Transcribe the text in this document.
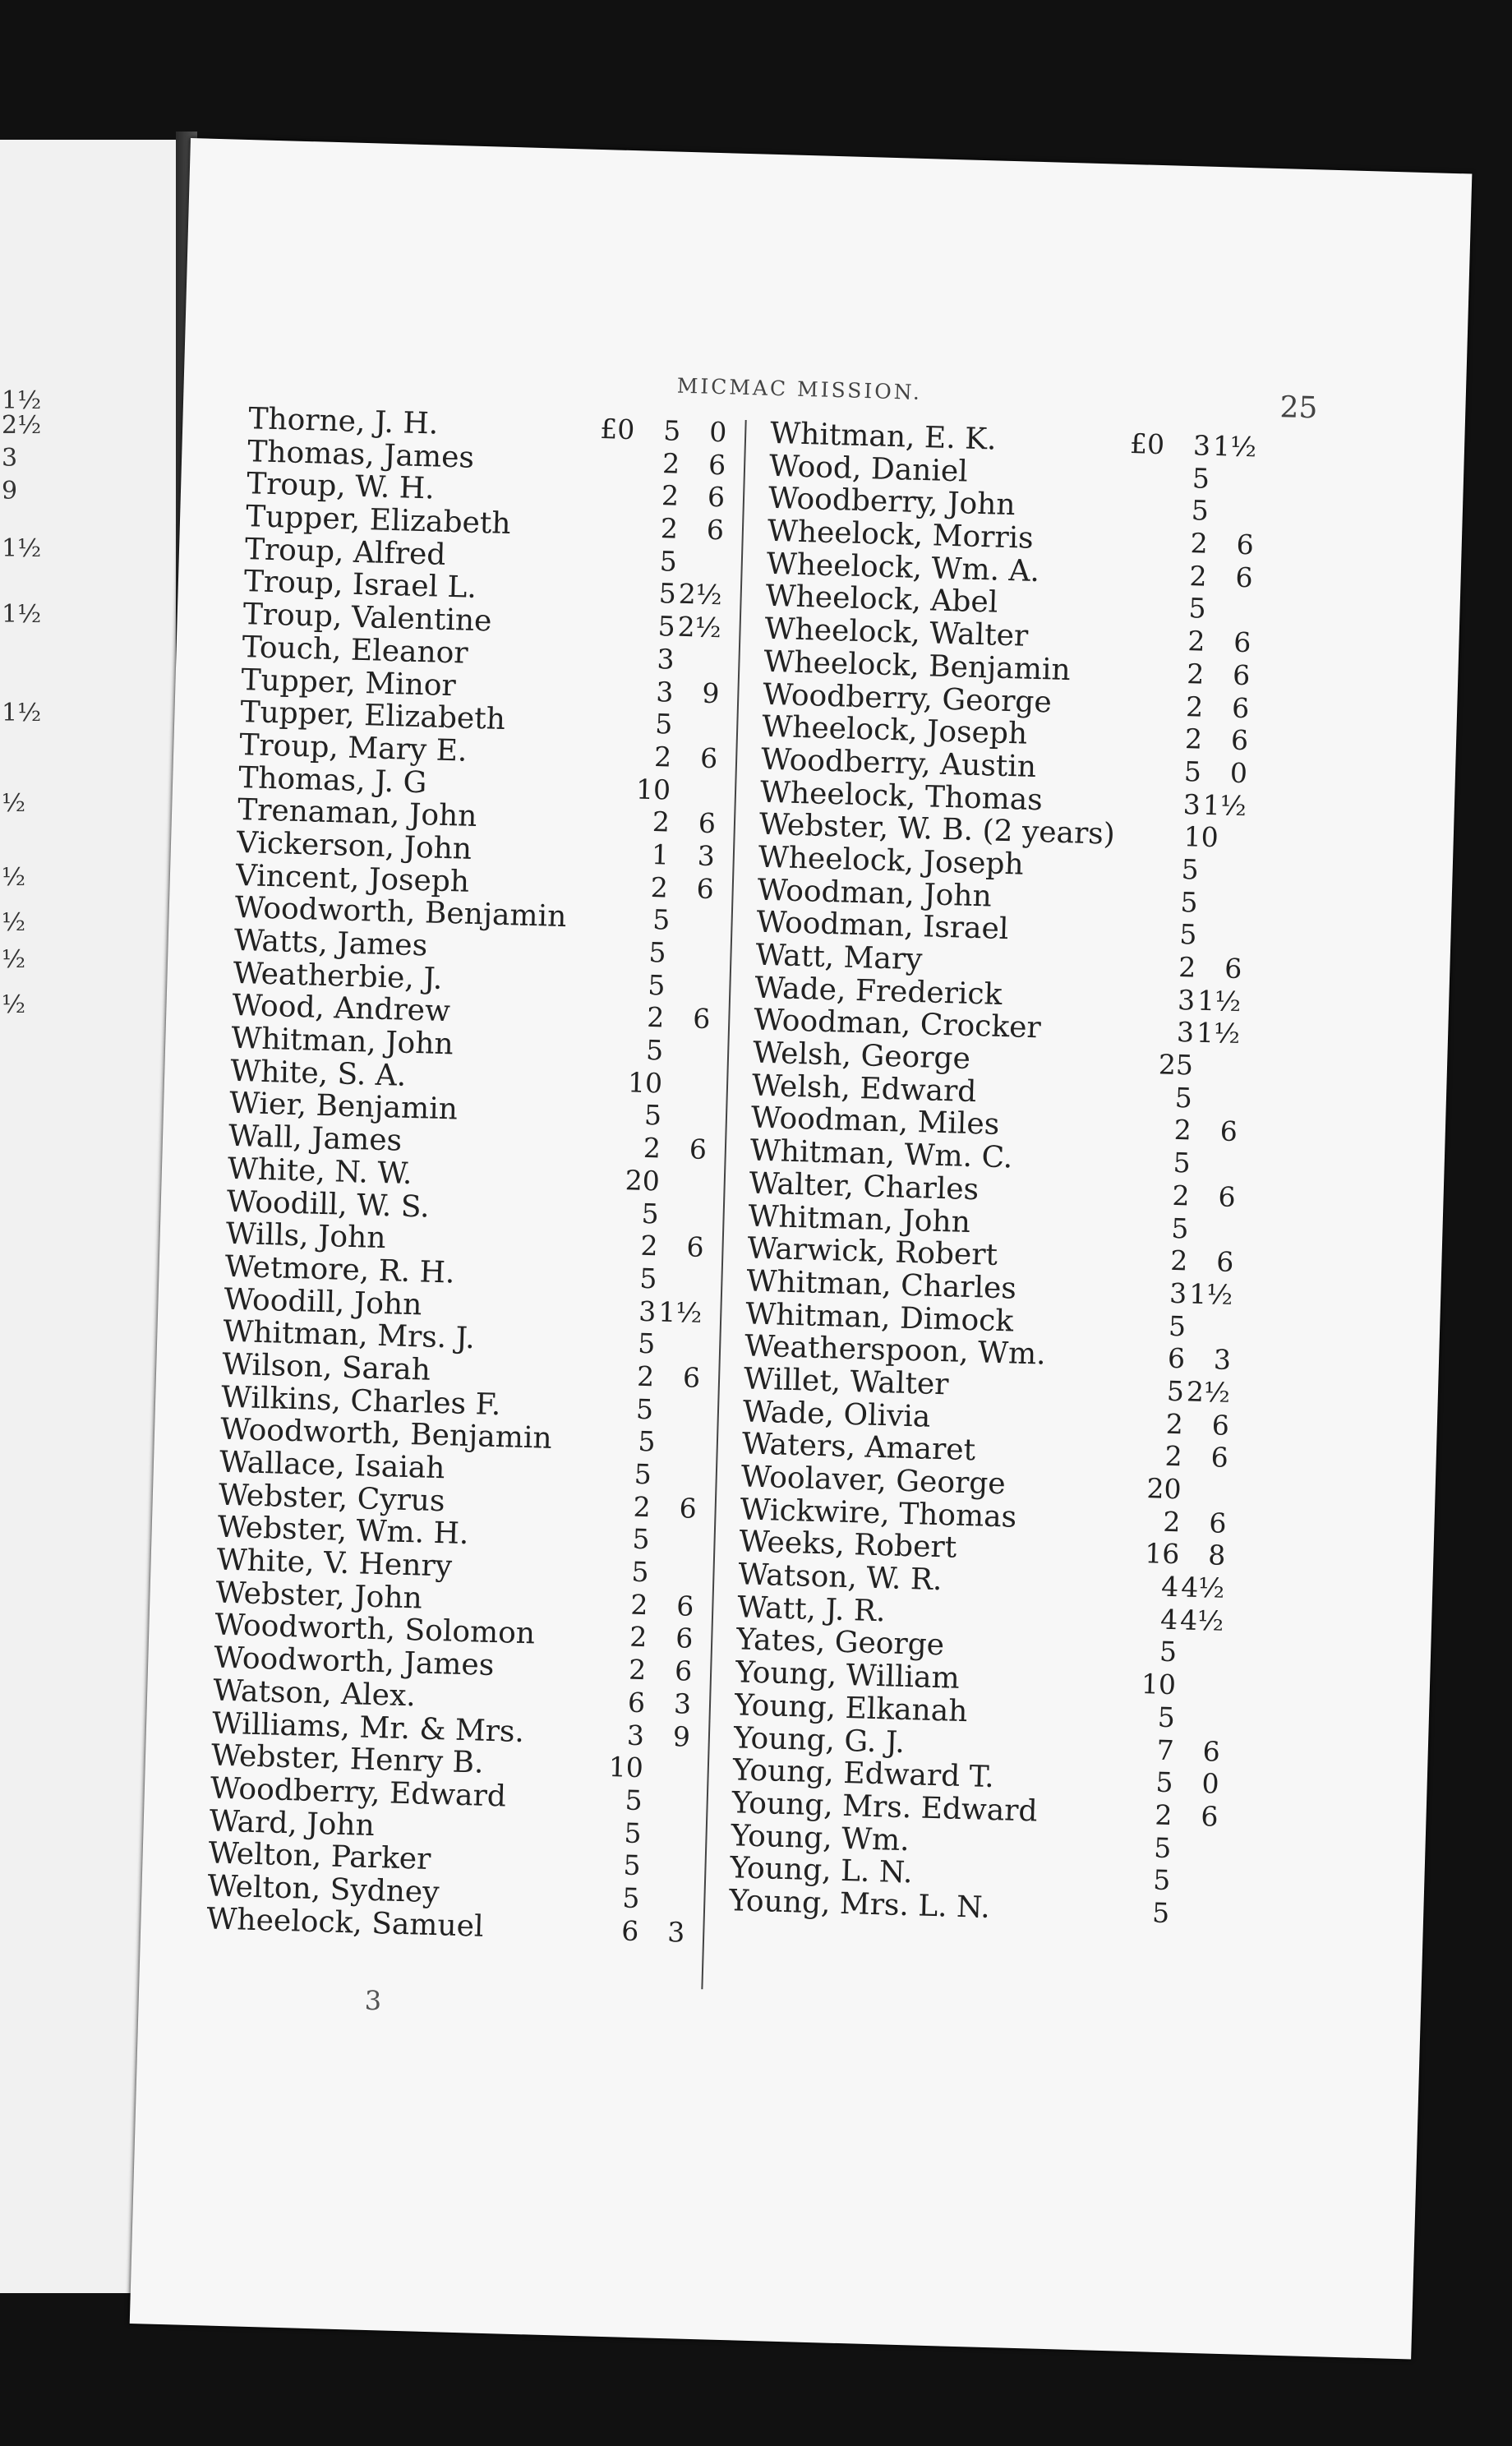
1½
2½
3
9
1½
1½
1½
½
½
½
½
½
MICMAC MISSION.
25
Thorne, J. H.	£0	5	0
Thomas, James	2	6
Troup, W. H.	2	6
Tupper, Elizabeth	2	6
Troup, Alfred	5
Troup, Israel L.	5 2½
Troup, Valentine	5 2½
Touch, Eleanor	3
Tupper, Minor	3	9
Tupper, Elizabeth	5
Troup, Mary E.	2	6
Thomas, J. G	10
Trenaman, John	2	6
Vickerson, John	1	3
Vincent, Joseph	2	6
Woodworth, Benjamin	5
Watts, James	5
Weatherbie, J.	5
Wood, Andrew	2	6
Whitman, John	5
White, S. A.	10
Wier, Benjamin	5
Wall, James	2	6
White, N. W.	20
Woodill, W. S.	5
Wills, John	2	6
Wetmore, R. H.	5
Woodill, John	3 1½
Whitman, Mrs. J.	5
Wilson, Sarah	2	6
Wilkins, Charles F.	5
Woodworth, Benjamin	5
Wallace, Isaiah	5
Webster, Cyrus	2	6
Webster, Wm. H.	5
White, V. Henry	5
Webster, John	2	6
Woodworth, Solomon	2	6
Woodworth, James	2	6
Watson, Alex.	6	3
Williams, Mr. & Mrs.	3	9
Webster, Henry B.	10
Woodberry, Edward	5
Ward, John	5
Welton, Parker	5
Welton, Sydney	5
Wheelock, Samuel	6	3
Whitman, E. K.	£0	3 1½
Wood, Daniel	5
Woodberry, John	5
Wheelock, Morris	2	6
Wheelock, Wm. A.	2	6
Wheelock, Abel	5
Wheelock, Walter	2	6
Wheelock, Benjamin	2	6
Woodberry, George	2	6
Wheelock, Joseph	2	6
Woodberry, Austin	5	0
Wheelock, Thomas	3 1½
Webster, W. B. (2 years)	10
Wheelock, Joseph	5
Woodman, John	5
Woodman, Israel	5
Watt, Mary	2	6
Wade, Frederick	3 1½
Woodman, Crocker	3 1½
Welsh, George	25
Welsh, Edward	5
Woodman, Miles	2	6
Whitman, Wm. C.	5
Walter, Charles	2	6
Whitman, John	5
Warwick, Robert	2	6
Whitman, Charles	3 1½
Whitman, Dimock	5
Weatherspoon, Wm.	6	3
Willet, Walter	5 2½
Wade, Olivia	2	6
Waters, Amaret	2	6
Woolaver, George	20
Wickwire, Thomas	2	6
Weeks, Robert	16	8
Watson, W. R.	4 4½
Watt, J. R.	4 4½
Yates, George	5
Young, William	10
Young, Elkanah	5
Young, G. J.	7	6
Young, Edward T.	5	0
Young, Mrs. Edward	2	6
Young, Wm.	5
Young, L. N.	5
Young, Mrs. L. N.	5
3
